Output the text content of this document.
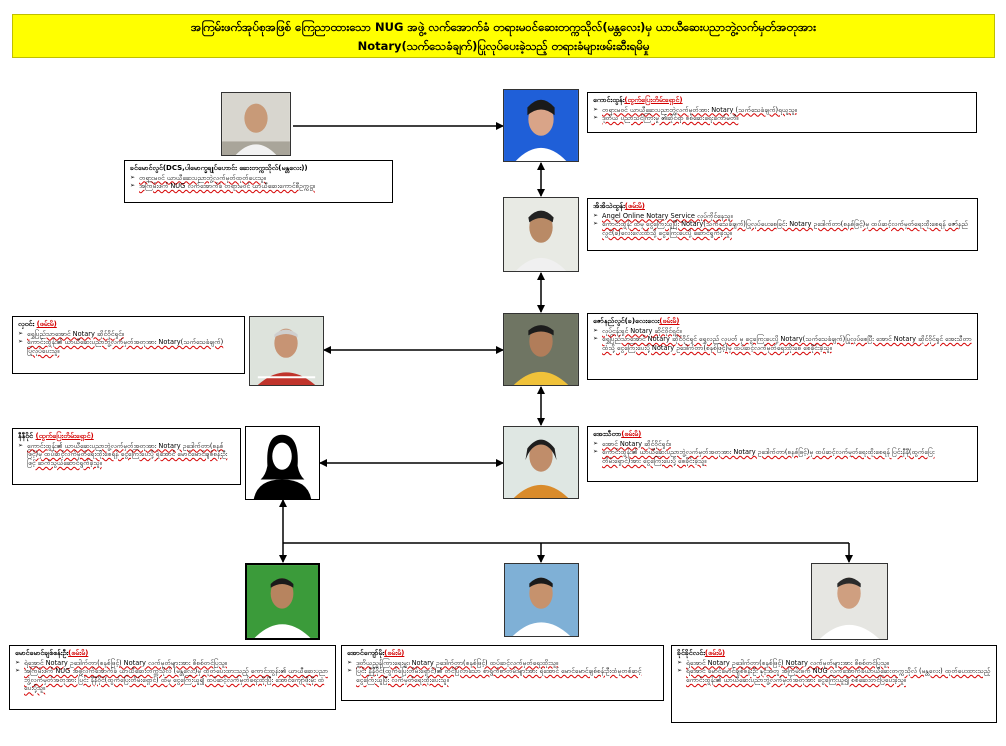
အကြမ်းဖက်အုပ်စုအဖြစ် ကြေညာထားသော NUG အဖွဲ့ လက်အောက်ခံ တရားမဝင်ဆေးတက္ကသိုလ်(မန္တလေး)မှ ယာယီဆေးပညာဘွဲ့လက်မှတ်အတုအား
Notary(သက်သေခံချက်)ပြုလုပ်ပေးခဲ့သည့် တရားခံများဖမ်းဆီးရမိမှု
ခင်မောင်လွင်(DCS,ပါမောက္ခချုပ်ဟောင်း ဆေးတက္ကသိုလ်(မန္တလေး))
➢ တရားမဝင် ယာယီဆေးပညာဘွဲ့လက်မှတ်ထုတ်ပေးသူ။
➢ အကြမ်းဖက် NUG လက်အောက်ခံ တရားမဝင် ယာယီဆေးကောင်စီဥက္ကဋ္ဌ။
ကောင်းထွန်း(ထွက်ပြေးတိမ်းရှောင်)
➢ တရားမဝင် ယာယီဆေးပညာဘွဲ့လက်မှတ်အား Notary (သက်သေခံချက်)ရယူသူ။
➢ ဒုတိယ ပညာသင်ကြားမှု ၏ဆိုင်ရာ စစ်ဆေးရေးကော်မတီ။
အိအိသဲထွန်း(ဖမ်းမိ)
➢ Angel Online Notary Service လုပ်ကိုင်နေသူ။
➢ ကောင်းထွန်း ထံမှ ငွေကြေးယူပြီး Notary(သက်သေခံချက်)ပြုလုပ်ပေးစေခြင်း Notary ဥဒေါက်တာ(စနစ်ဖြင့်)မှ ထပ်ဆင့်လက်မှတ်ရေးထိုးစေရန် ဇော်နည်လွင်(ခ)လေးလေးထံသို့ ငွေကြေးပေးပို့ ဆောင်ရွက်ခဲ့သူ။
ဇော်နည်လွင်(ခ)လေးလေး(ဖမ်းမိ)
➢ လုပ်ငန်းရှင် Notary ဆိုင်ဝိုင်ရှင်။
➢ ရွှေပြည်သာအောင် Notary ဆိုင်ဝိုင်ရှင် ရွှေလည် လှပတ် မှ ငွေကြေးပေးပို့ Notary(သက်သေခံချက်)ပြုလုပ်စေပြီး အောင် Notary ဆိုင်ဝိုင်ရှင် အေးသီတာထံသို့ ငွေကြေးပေးပို့ Notary ဥဒေါက်တာ(စနစ်ဖြင့်)မှ ထပ်ဆင့်လက်မှတ်ရေးထိုးစေ စေခိုင်းခဲ့သူ။
လှဝင်း (ဖမ်းမိ)
➢ ရွှေပြည်သာအောင် Notary ဆိုင်ဝိုင်ရှင်။
➢ ကောင်းထွန်း၏ ယာယီဆေးပညာဘွဲ့လက်မှတ်အတုအား Notary(သက်သေခံချက်) ပြုလုပ်ပေးသူ။
အေးသီတာ(ဖမ်းမိ)
➢ အောင် Notary ဆိုင်ဝိုင်ရှင်။
➢ ကောင်းထွန်း၏ ယာယီဆေးပညာဘွဲ့လက်မှတ်အတုအား Notary ဥဒေါက်တာ(စနစ်ဖြင့်)မှ ထပ်ဆင့်လက်မှတ်ရေးထိုးစေရန် ပြင်းနီနီ(ထွက်ပြေးတိမ်းရှောင်)အား ငွေကြေးပေးပို့ စေခိုင်းခဲ့သူ။
နီနီဝိုင် (ထွက်ပြေးတိမ်းရှောင်)
➢ ကောင်းထွန်း၏ ယာယီဆေးပညာဘွဲ့လက်မှတ်အတုအား Notary ဥဒေါက်တာ(စနစ်ဖြင့်)မှ ထပ်ဆင့်လက်မှတ်ရေးထိုးစေရန် ငွေကြေးပေးပို့ ရဲအောင် မောင်မောင်ချစ်စန်းဦးဖြင့် ဆက်သွယ်ဆောင်ရွက်ခဲ့သူ။
မောင်မောင်ချစ်စန်းဦး(ဖမ်းမိ)
➢ ရဲအောင် Notary ဥဒေါက်တာ(စနစ်ဖြင့်) Notary လက်မှတ်များအား စိစစ်တင်ပြသူ။
➢ အကြမ်းဖက် NUG အဖွဲ့လက်အောက်ခံ ယာယီဆေးတက္ကသိုလ် (မန္တလေး)မှ ထုတ်ပေးထားသည့် ကောင်းထွန်း၏ ယာယီဆေးပညာဘွဲ့လက်မှတ်အတုအား ပြင်း နီနီဝိုင်(ထွက်ပြေးတိမ်းရှောင်) ထံမှ ငွေကြေးယူ၍ ထပ်ဆင့်လက်မှတ်ရေးထိုးပြီး အောင်ကျော်ဖိုးမိုး ထံပေးပို့သူ။
အောင်ကျော်မိုး(ဖမ်းမိ)
➢ ဒုတိယညွှန်ကြားရေးမှူး၊ Notary ဥဒေါက်တာ(စနစ်ဖြင့်) ထပ်ဆင့်လက်မှတ်ရေးထိုးသူ။
➢ ပြင်း နီနီဝိုင်(ထွက်ပြေးတိမ်းရှောင်)၏ တင်ပြလာသော စာရွက်စာတမ်းများအား ရဲအောင် မောင်မောင်ချစ်စန်းဦးထံမှတစ်ဆင့် ငွေကြေးယူပြီး လက်မှတ်ရေးထိုးပေးသူ။
ခိုင်ခိုင်လင်း(ဖမ်းမိ)
➢ ရဲအောင် Notary ဥဒေါက်တာ(စနစ်ဖြင့်) Notary လက်မှတ်များအား စိစစ်တင်ပြသူ။
➢ ရဲအောင် မောင်မောင်ချစ်စန်းဦး နှင့်အတူ အကြမ်းဖက် NUG လက်အောက်ခံယာယီဆေးတက္ကသိုလ် (မန္တလေး) ထုတ်ပေးထားသည့် ကောင်းထွန်း၏ ယာယီဆေးပညာဘွဲ့လက်မှတ်အတုအား ငွေကြေးယူ၍ စစ်ဆေးတင်ပြပေးခဲ့သူ။
